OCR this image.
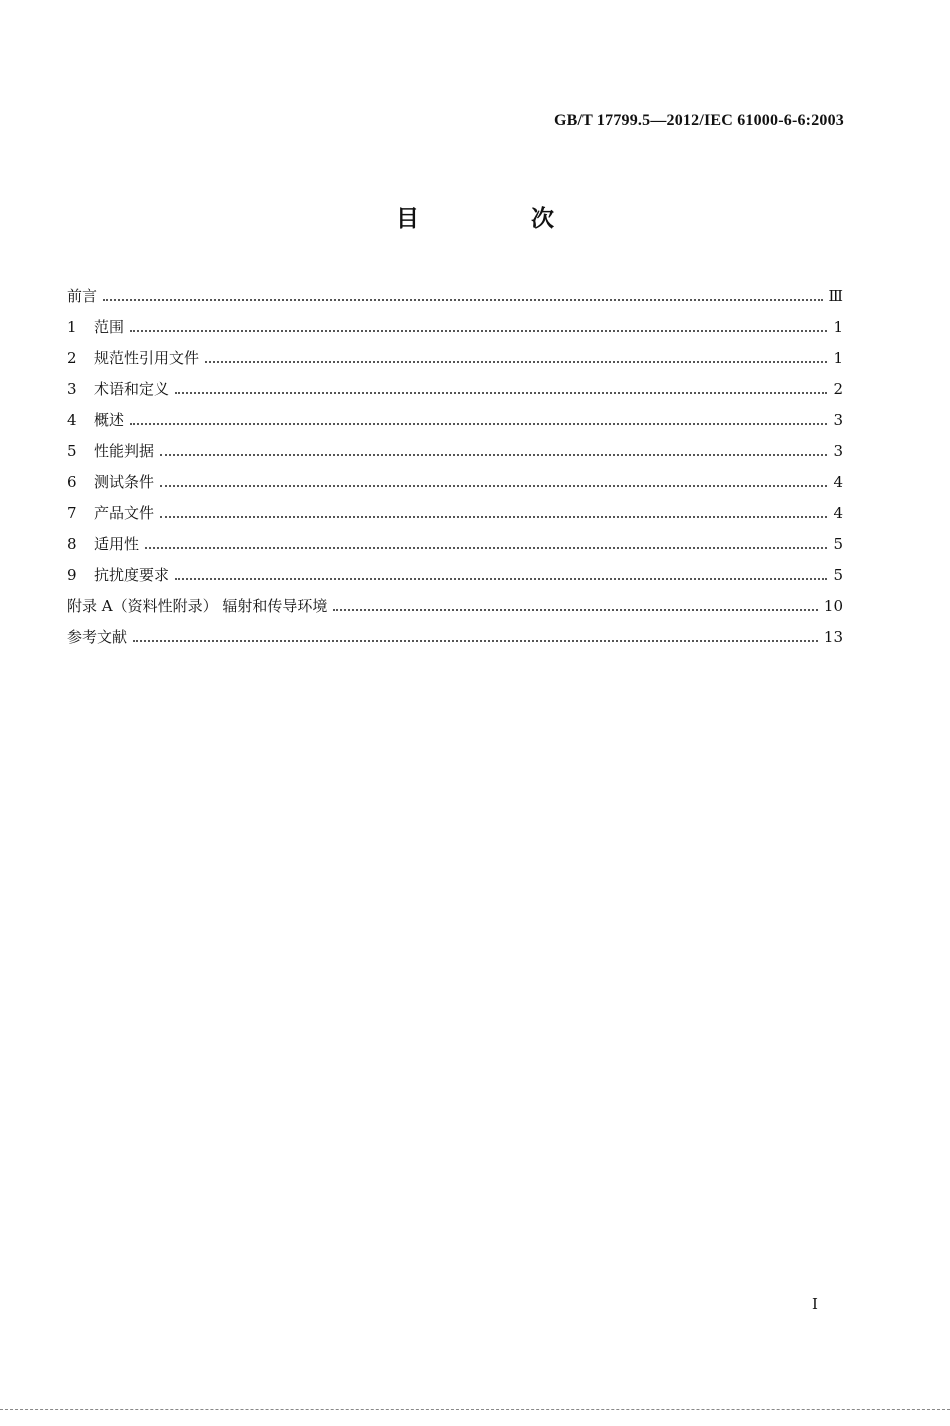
GB/T 17799.5—2012/IEC 61000-6-6:2003
目 次
前言	Ⅲ
1	范围	1
2	规范性引用文件	1
3	术语和定义	2
4	概述	3
5	性能判据	3
6	测试条件	4
7	产品文件	4
8	适用性	5
9	抗扰度要求	5
附录 A（资料性附录） 辐射和传导环境	10
参考文献	13
I
